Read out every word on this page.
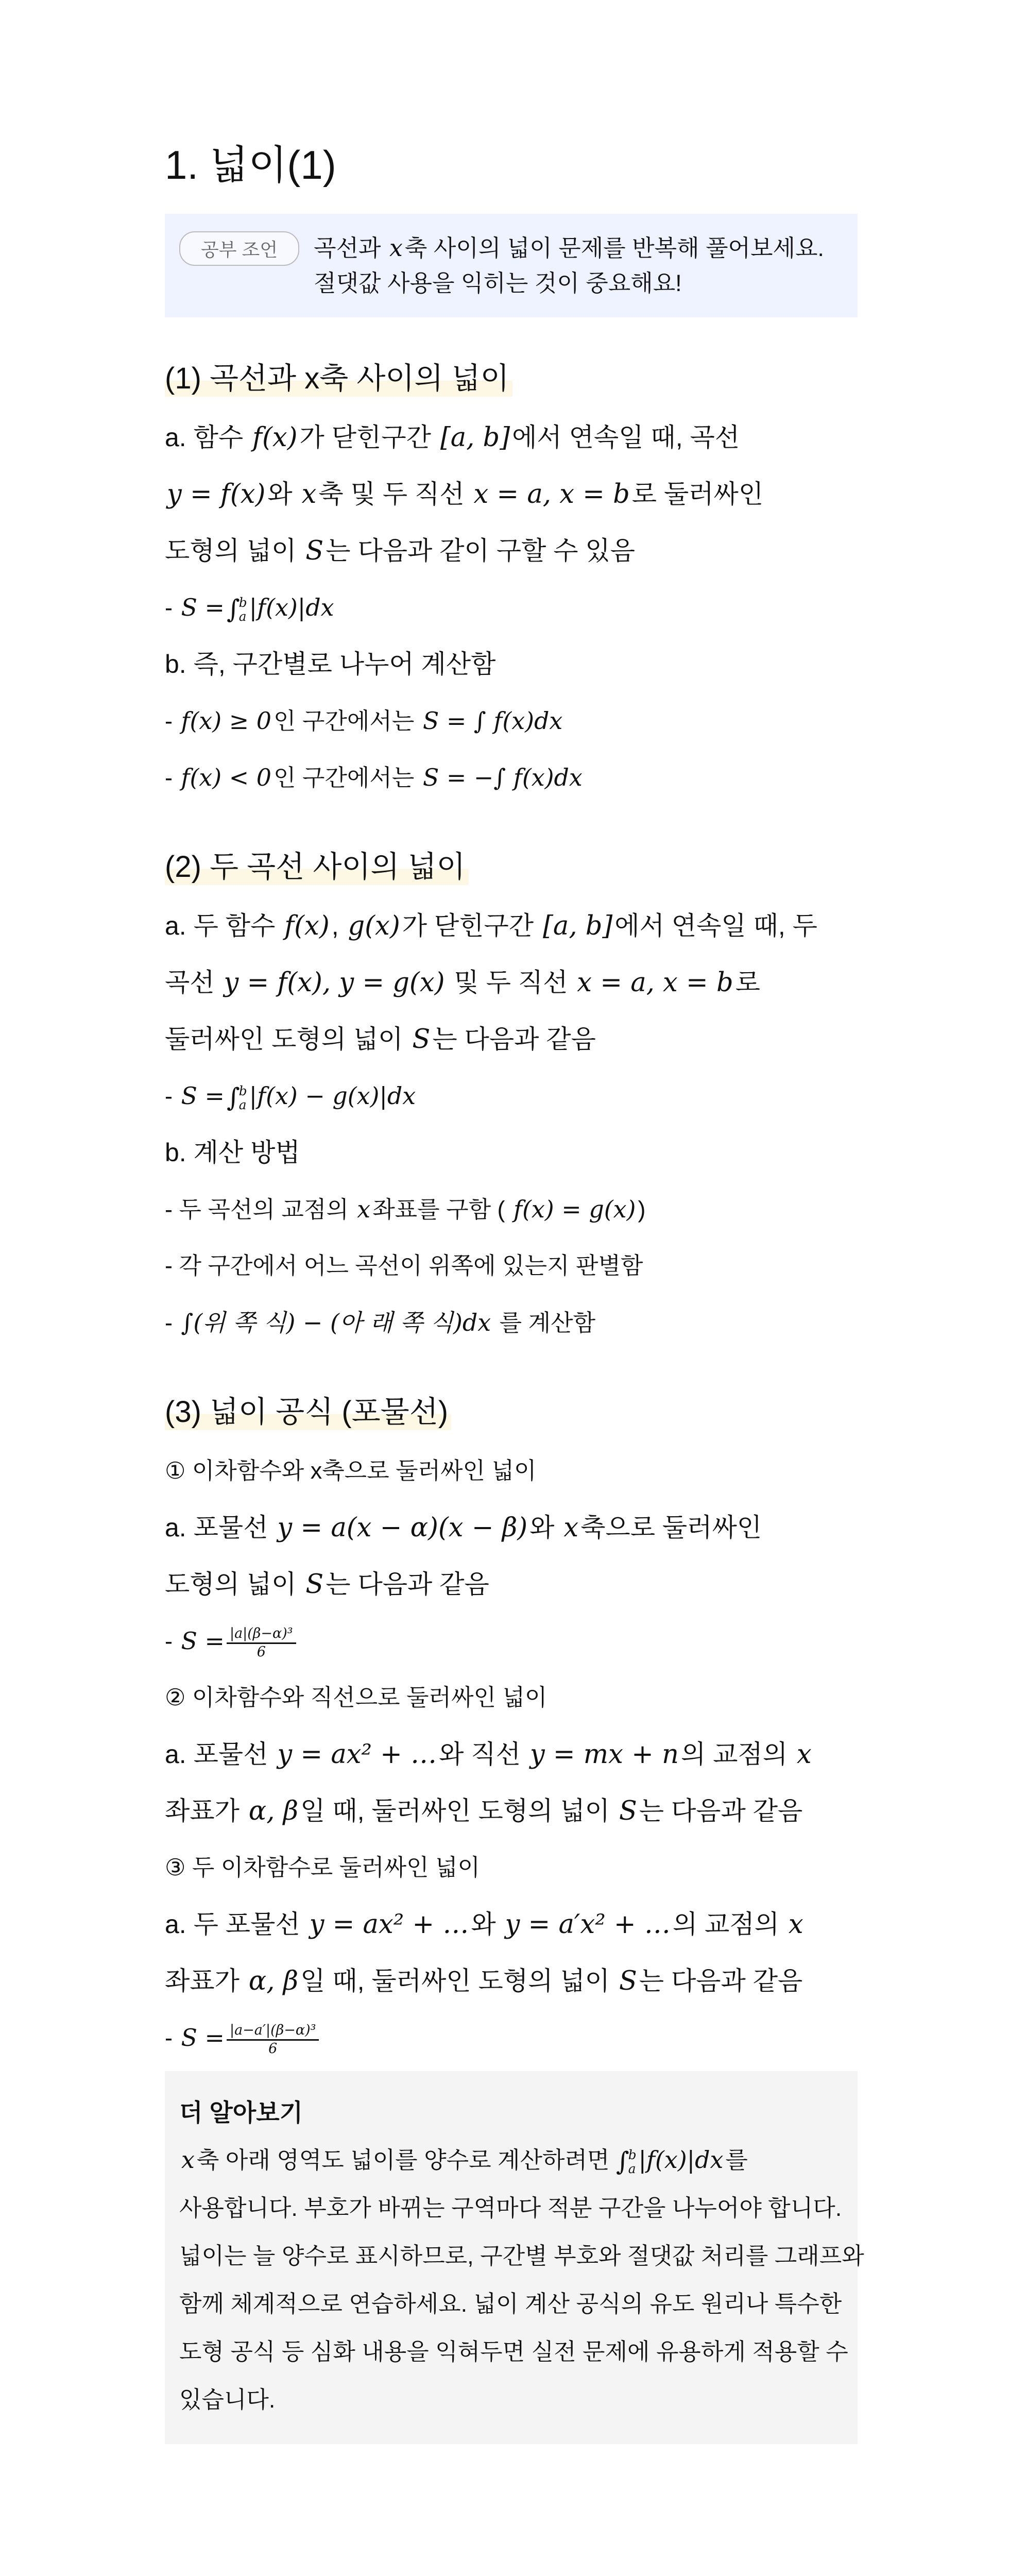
1. 넓이(1)
공부 조언	곡선과 x축 사이의 넓이 문제를 반복해 풀어보세요.
절댓값 사용을 익히는 것이 중요해요!
(1) 곡선과 x축 사이의 넓이
a. 함수 f(x)가 닫힌구간 [a, b]에서 연속일 때, 곡선
y = f(x)와 x축 및 두 직선 x = a, x = b로 둘러싸인
도형의 넓이 S는 다음과 같이 구할 수 있음
- S = ∫
b
a |f(x)|dx
b. 즉, 구간별로 나누어 계산함
- f(x) ≥ 0인 구간에서는 S = ∫ f(x)dx
- f(x) < 0인 구간에서는 S = −∫ f(x)dx
(2) 두 곡선 사이의 넓이
a. 두 함수 f(x), g(x)가 닫힌구간 [a, b]에서 연속일 때, 두
곡선 y = f(x), y = g(x) 및 두 직선 x = a, x = b로
둘러싸인 도형의 넓이 S는 다음과 같음
- S = ∫
b
a |f(x) − g(x)|dx
b. 계산 방법
- 두 곡선의 교점의 x좌표를 구함 ( f(x) = g(x))
- 각 구간에서 어느 곡선이 위쪽에 있는지 판별함
- ∫(위 쪽 식) − (아 래 쪽 식)dx 를 계산함
(3) 넓이 공식 (포물선)
① 이차함수와 x축으로 둘러싸인 넓이
a. 포물선 y = a(x − α)(x − β)와 x축으로 둘러싸인
도형의 넓이 S는 다음과 같음
- $S = \frac{\text{|a|(β−α)³}}{6}$
② 이차함수와 직선으로 둘러싸인 넓이
a. 포물선 y = ax² + …와 직선 y = mx + n의 교점의 x
좌표가 α, β일 때, 둘러싸인 도형의 넓이 S는 다음과 같음
③ 두 이차함수로 둘러싸인 넓이
a. 두 포물선 y = ax² + …와 y = a′x² + …의 교점의 x
좌표가 α, β일 때, 둘러싸인 도형의 넓이 S는 다음과 같음
- $S = \frac{\text{|a−a′|(β−α)³}}{6}$
더 알아보기
x축 아래 영역도 넓이를 양수로 계산하려면 ∫
b
a |f(x)|dx를
사용합니다. 부호가 바뀌는 구역마다 적분 구간을 나누어야 합니다.
넓이는 늘 양수로 표시하므로, 구간별 부호와 절댓값 처리를 그래프와
함께 체계적으로 연습하세요. 넓이 계산 공식의 유도 원리나 특수한
도형 공식 등 심화 내용을 익혀두면 실전 문제에 유용하게 적용할 수
있습니다.
